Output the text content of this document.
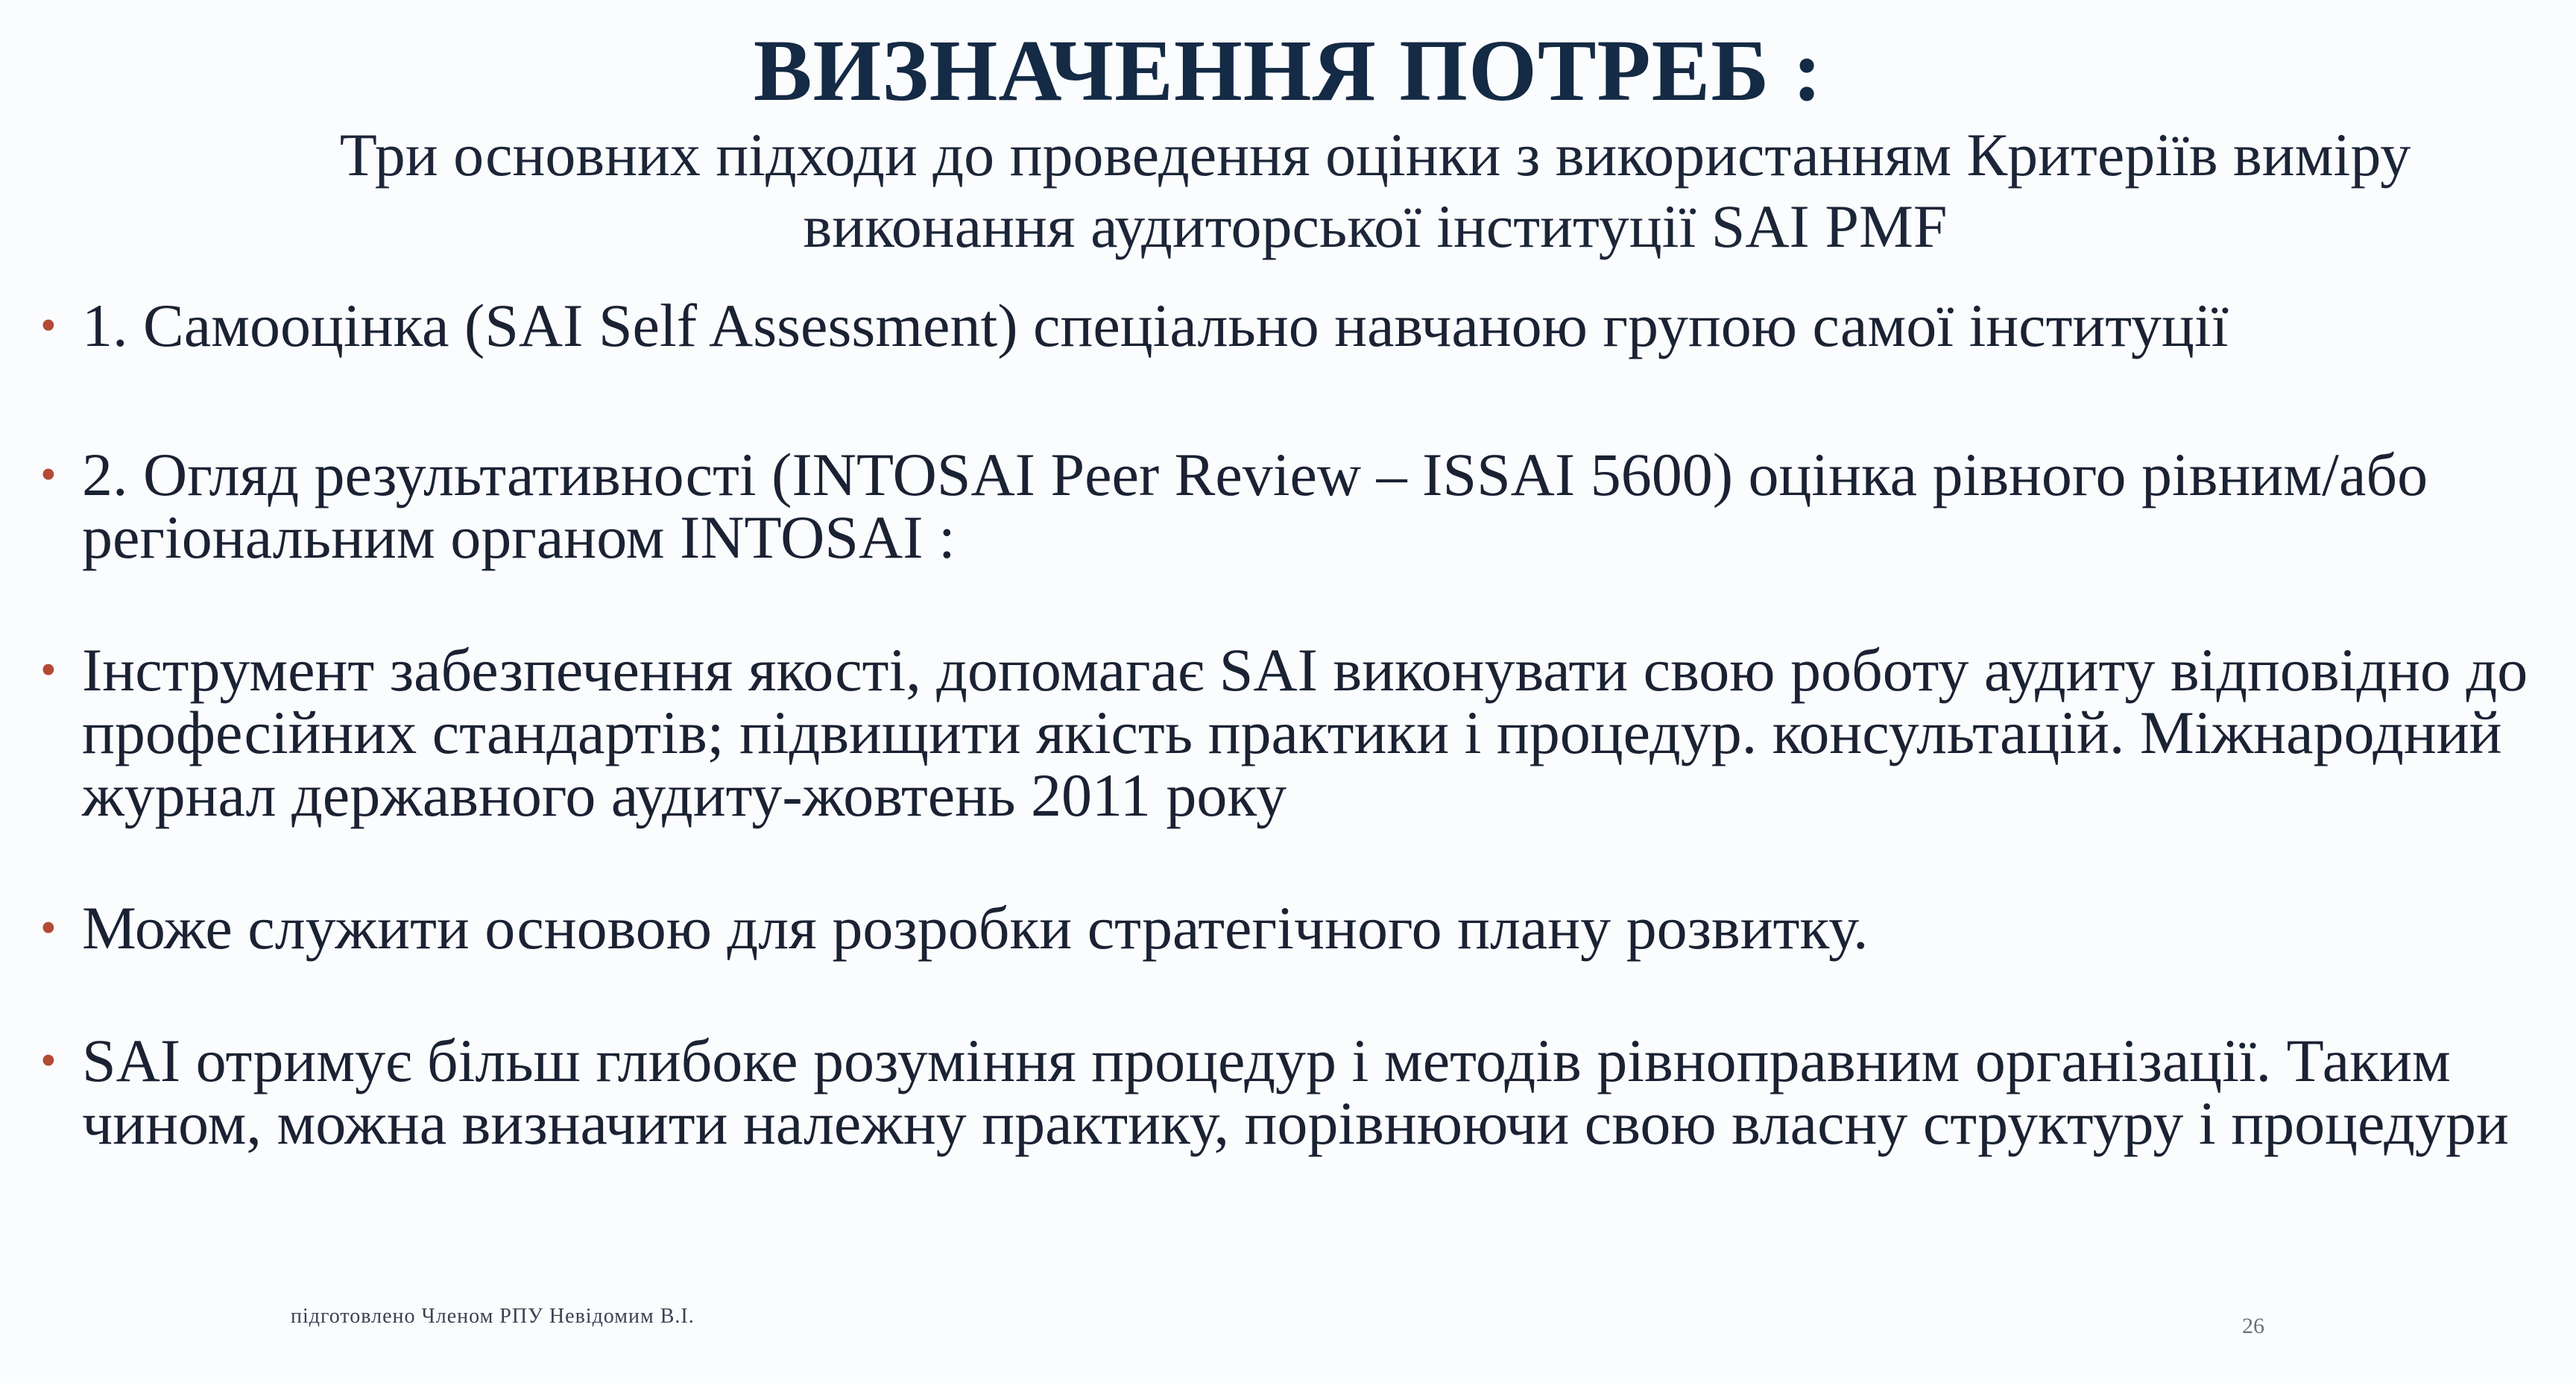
ВИЗНАЧЕННЯ ПОТРЕБ :
Три основних підходи до проведення оцінки з використанням Критеріїв виміру виконання аудиторської інституції SAI PMF
• 1. Самооцінка (SAI Self Assessment) спеціально навчаною групою самої інституції
• 2. Огляд результативності (INTOSAI Peer Review – ISSAI 5600) оцінка рівного рівним/або регіональним органом INTOSAI :
• Інструмент забезпечення якості, допомагає SAI виконувати свою роботу аудиту відповідно до професійних стандартів; підвищити якість практики і процедур. консультацій. Міжнародний журнал державного аудиту-жовтень 2011 року
• Може служити основою для розробки стратегічного плану розвитку.
• SAI отримує більш глибоке розуміння процедур і методів рівноправним організації. Таким чином, можна визначити належну практику, порівнюючи свою власну структуру і процедури
підготовлено Членом РПУ Невідомим В.І.	26
